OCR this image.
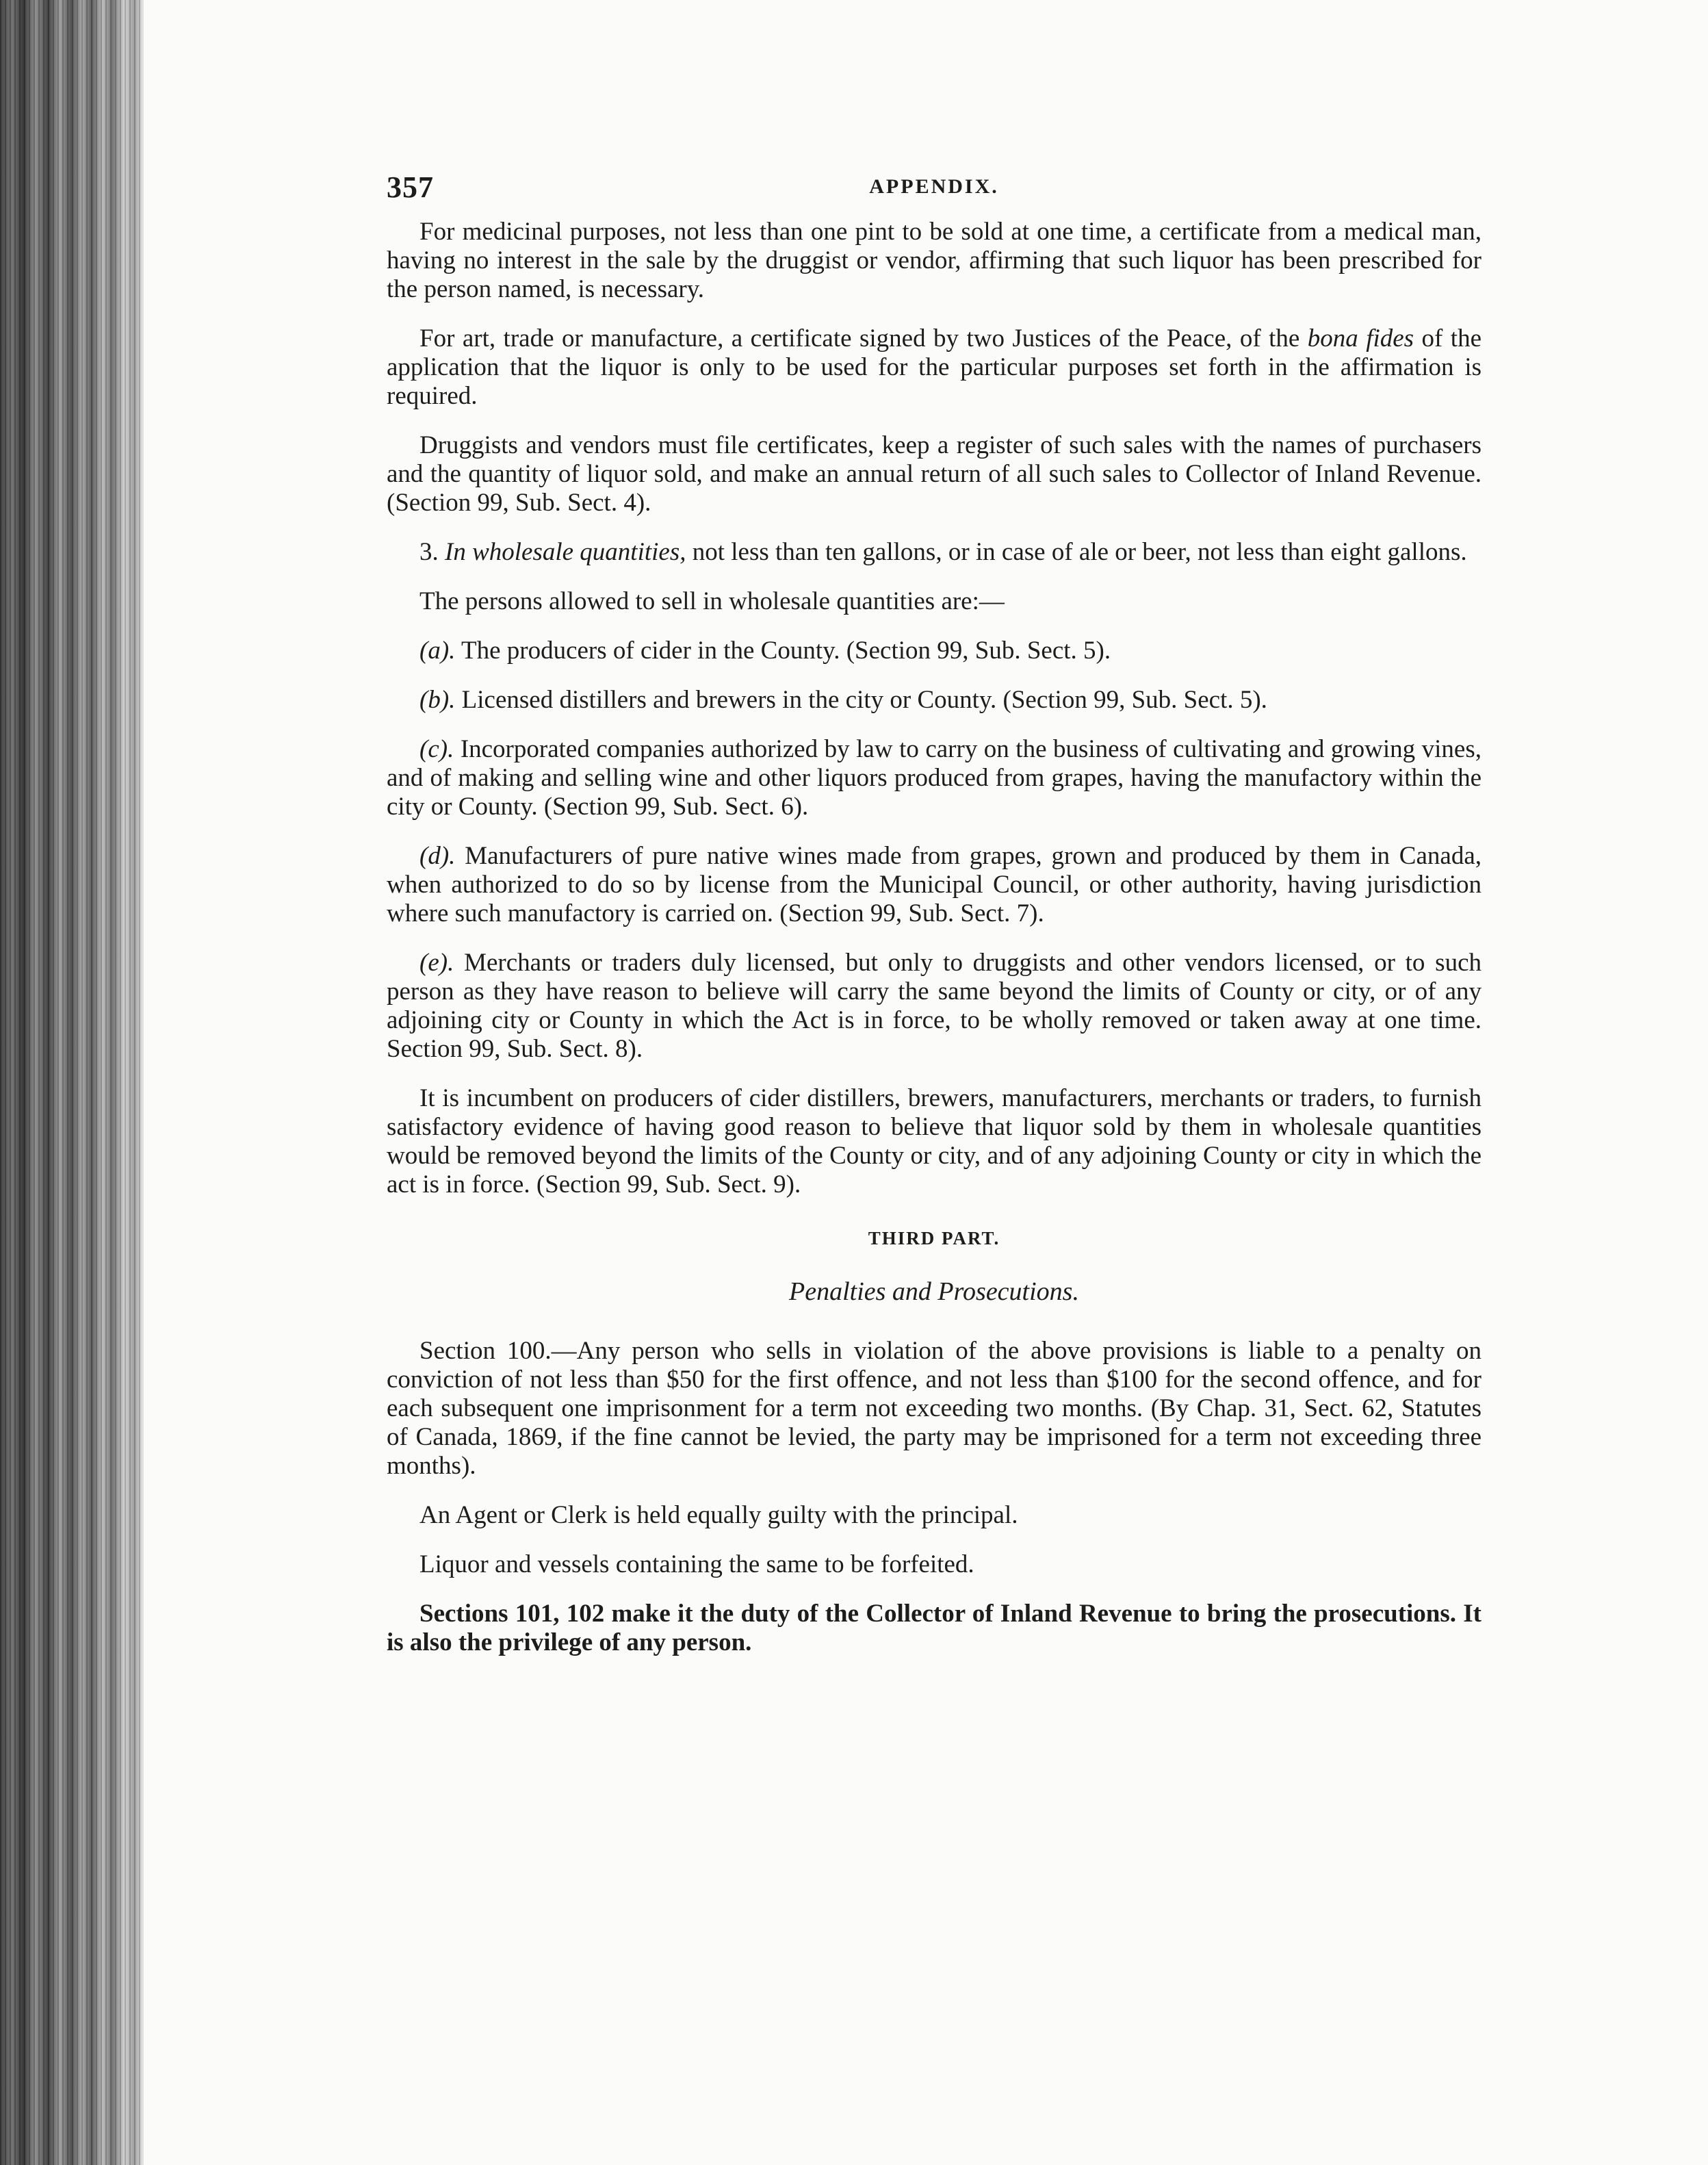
357	APPENDIX.

For medicinal purposes, not less than one pint to be sold at one time, a certificate from a medical man, having no interest in the sale by the druggist or vendor, affirming that such liquor has been prescribed for the person named, is necessary.

For art, trade or manufacture, a certificate signed by two Justices of the Peace, of the bona fides of the application that the liquor is only to be used for the particular purposes set forth in the affirmation is required.

Druggists and vendors must file certificates, keep a register of such sales with the names of purchasers and the quantity of liquor sold, and make an annual return of all such sales to Collector of Inland Revenue. (Section 99, Sub. Sect. 4).

3. In wholesale quantities, not less than ten gallons, or in case of ale or beer, not less than eight gallons.

The persons allowed to sell in wholesale quantities are:—

(a). The producers of cider in the County. (Section 99, Sub. Sect. 5).

(b). Licensed distillers and brewers in the city or County. (Section 99, Sub. Sect. 5).

(c). Incorporated companies authorized by law to carry on the business of cultivating and growing vines, and of making and selling wine and other liquors produced from grapes, having the manufactory within the city or County. (Section 99, Sub. Sect. 6).

(d). Manufacturers of pure native wines made from grapes, grown and produced by them in Canada, when authorized to do so by license from the Municipal Council, or other authority, having jurisdiction where such manufactory is carried on. (Section 99, Sub. Sect. 7).

(e). Merchants or traders duly licensed, but only to druggists and other vendors licensed, or to such person as they have reason to believe will carry the same beyond the limits of County or city, or of any adjoining city or County in which the Act is in force, to be wholly removed or taken away at one time. Section 99, Sub. Sect. 8).

It is incumbent on producers of cider distillers, brewers, manufacturers, merchants or traders, to furnish satisfactory evidence of having good reason to believe that liquor sold by them in wholesale quantities would be removed beyond the limits of the County or city, and of any adjoining County or city in which the act is in force. (Section 99, Sub. Sect. 9).

THIRD PART.
Penalties and Prosecutions.

Section 100.—Any person who sells in violation of the above provisions is liable to a penalty on conviction of not less than $50 for the first offence, and not less than $100 for the second offence, and for each subsequent one imprisonment for a term not exceeding two months. (By Chap. 31, Sect. 62, Statutes of Canada, 1869, if the fine cannot be levied, the party may be imprisoned for a term not exceeding three months).

An Agent or Clerk is held equally guilty with the principal.

Liquor and vessels containing the same to be forfeited.

Sections 101, 102 make it the duty of the Collector of Inland Revenue to bring the prosecutions. It is also the privilege of any person.
